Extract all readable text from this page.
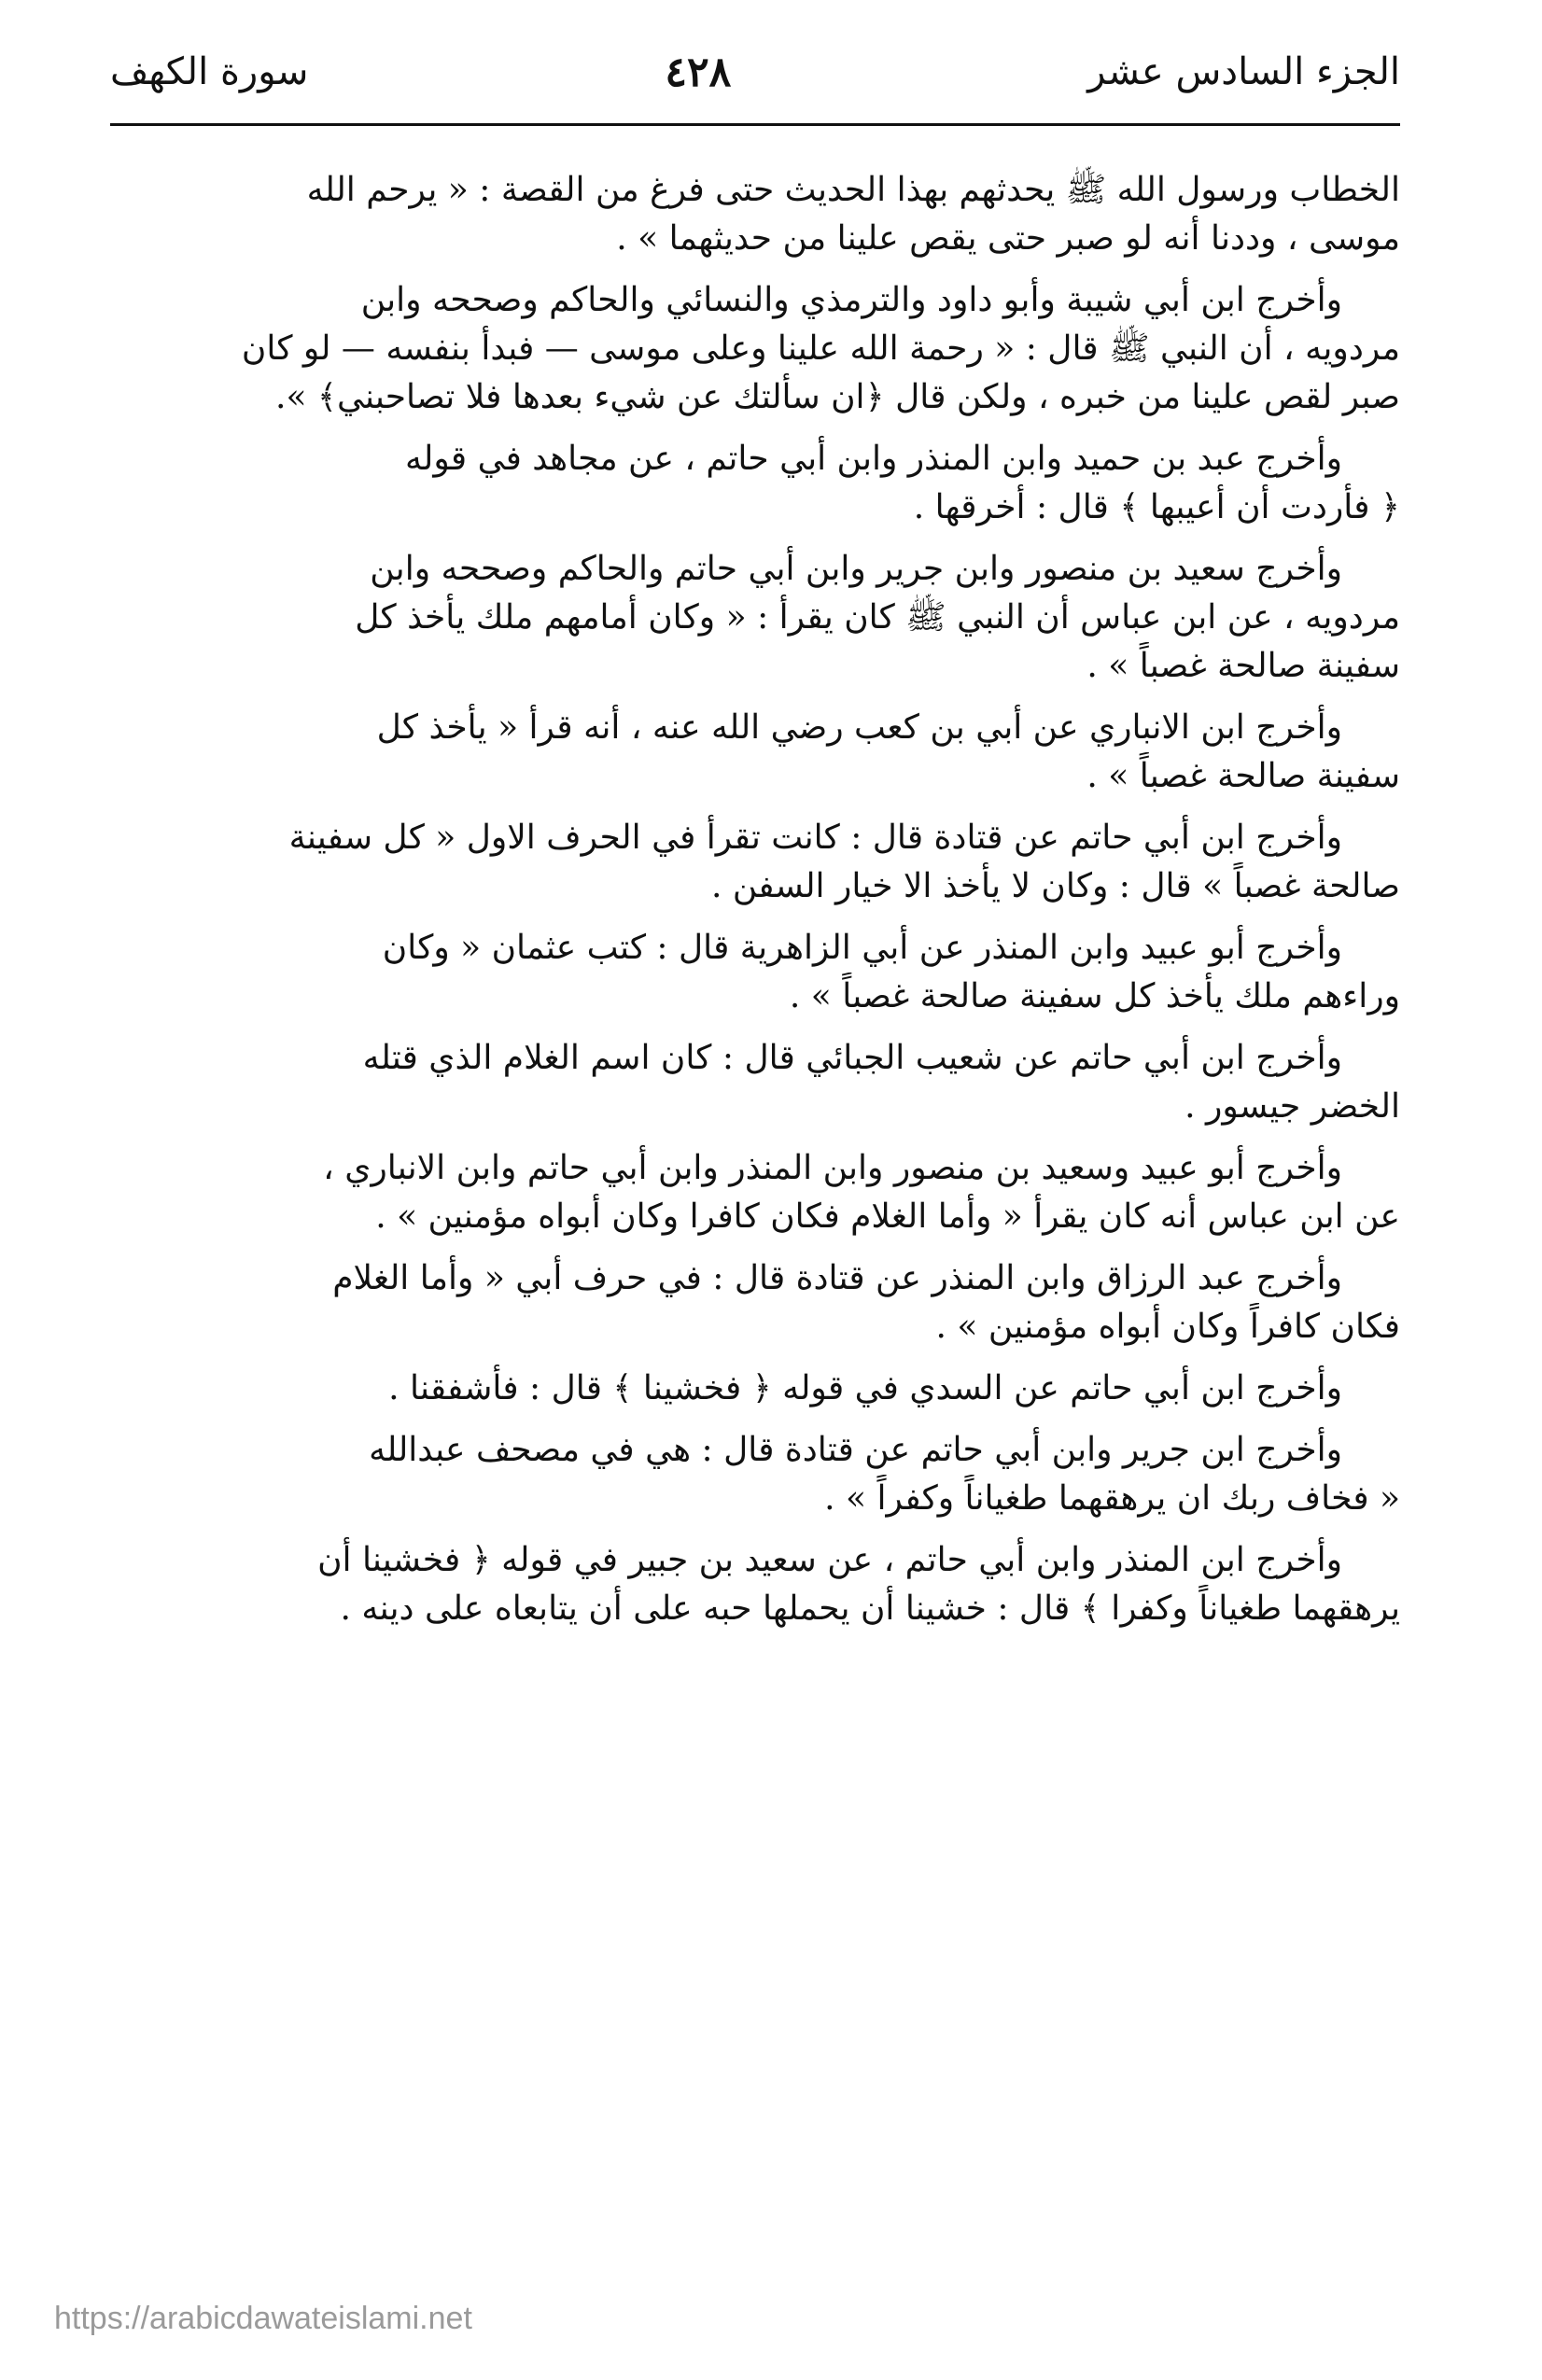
الجزء السادس عشر
٤٢٨
سورة الكهف
الخطاب ورسول الله ﷺ يحدثهم بهذا الحديث حتى فرغ من القصة : « يرحم الله
موسى ، وددنا أنه لو صبر حتى يقص علينا من حديثهما » .
وأخرج ابن أبي شيبة وأبو داود والترمذي والنسائي والحاكم وصححه وابن
مردويه ، أن النبي ﷺ قال : « رحمة الله علينا وعلى موسى — فبدأ بنفسه — لو كان
صبر لقص علينا من خبره ، ولكن قال ﴿ان سألتك عن شيء بعدها فلا تصاحبني﴾ ».
وأخرج عبد بن حميد وابن المنذر وابن أبي حاتم ، عن مجاهد في قوله
﴿ فأردت أن أعيبها ﴾ قال : أخرقها .
وأخرج سعيد بن منصور وابن جرير وابن أبي حاتم والحاكم وصححه وابن
مردويه ، عن ابن عباس أن النبي ﷺ كان يقرأ : « وكان أمامهم ملك يأخذ كل
سفينة صالحة غصباً » .
وأخرج ابن الانباري عن أبي بن كعب رضي الله عنه ، أنه قرأ « يأخذ كل
سفينة صالحة غصباً » .
وأخرج ابن أبي حاتم عن قتادة قال : كانت تقرأ في الحرف الاول « كل سفينة
صالحة غصباً » قال : وكان لا يأخذ الا خيار السفن .
وأخرج أبو عبيد وابن المنذر عن أبي الزاهرية قال : كتب عثمان « وكان
وراءهم ملك يأخذ كل سفينة صالحة غصباً » .
وأخرج ابن أبي حاتم عن شعيب الجبائي قال : كان اسم الغلام الذي قتله
الخضر جيسور .
وأخرج أبو عبيد وسعيد بن منصور وابن المنذر وابن أبي حاتم وابن الانباري ،
عن ابن عباس أنه كان يقرأ « وأما الغلام فكان كافرا وكان أبواه مؤمنين » .
وأخرج عبد الرزاق وابن المنذر عن قتادة قال : في حرف أبي « وأما الغلام
فكان كافراً وكان أبواه مؤمنين » .
وأخرج ابن أبي حاتم عن السدي في قوله ﴿ فخشينا ﴾ قال : فأشفقنا .
وأخرج ابن جرير وابن أبي حاتم عن قتادة قال : هي في مصحف عبدالله
« فخاف ربك ان يرهقهما طغياناً وكفراً » .
وأخرج ابن المنذر وابن أبي حاتم ، عن سعيد بن جبير في قوله ﴿ فخشينا أن
يرهقهما طغياناً وكفرا ﴾ قال : خشينا أن يحملها حبه على أن يتابعاه على دينه .
https://arabicdawateislami.net
